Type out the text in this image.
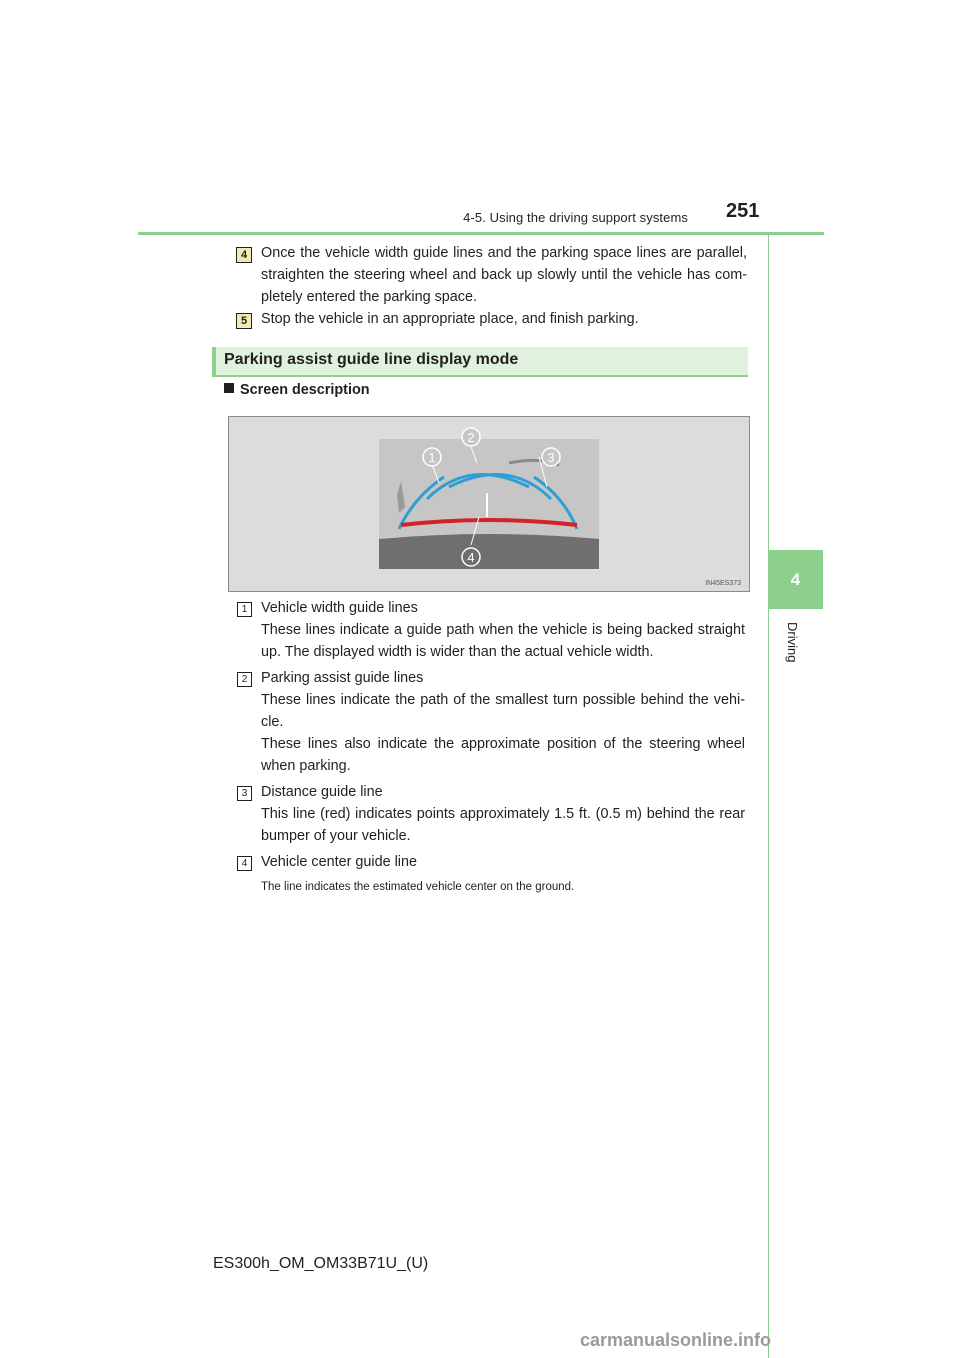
4-5. Using the driving support systems 251
4
Driving
4 Once the vehicle width guide lines and the parking space lines are parallel, straighten the steering wheel and back up slowly until the vehicle has com-pletely entered the parking space.
5 Stop the vehicle in an appropriate place, and finish parking.
Parking assist guide line display mode
Screen description
1
2
3
4
IN45ES373
1 Vehicle width guide lines
These lines indicate a guide path when the vehicle is being backed straight up. The displayed width is wider than the actual vehicle width.
2 Parking assist guide lines
These lines indicate the path of the smallest turn possible behind the vehi-cle.
These lines also indicate the approximate position of the steering wheel when parking.
3 Distance guide line
This line (red) indicates points approximately 1.5 ft. (0.5 m) behind the rear bumper of your vehicle.
4 Vehicle center guide line
The line indicates the estimated vehicle center on the ground.
ES300h_OM_OM33B71U_(U)
carmanualsonline.info
